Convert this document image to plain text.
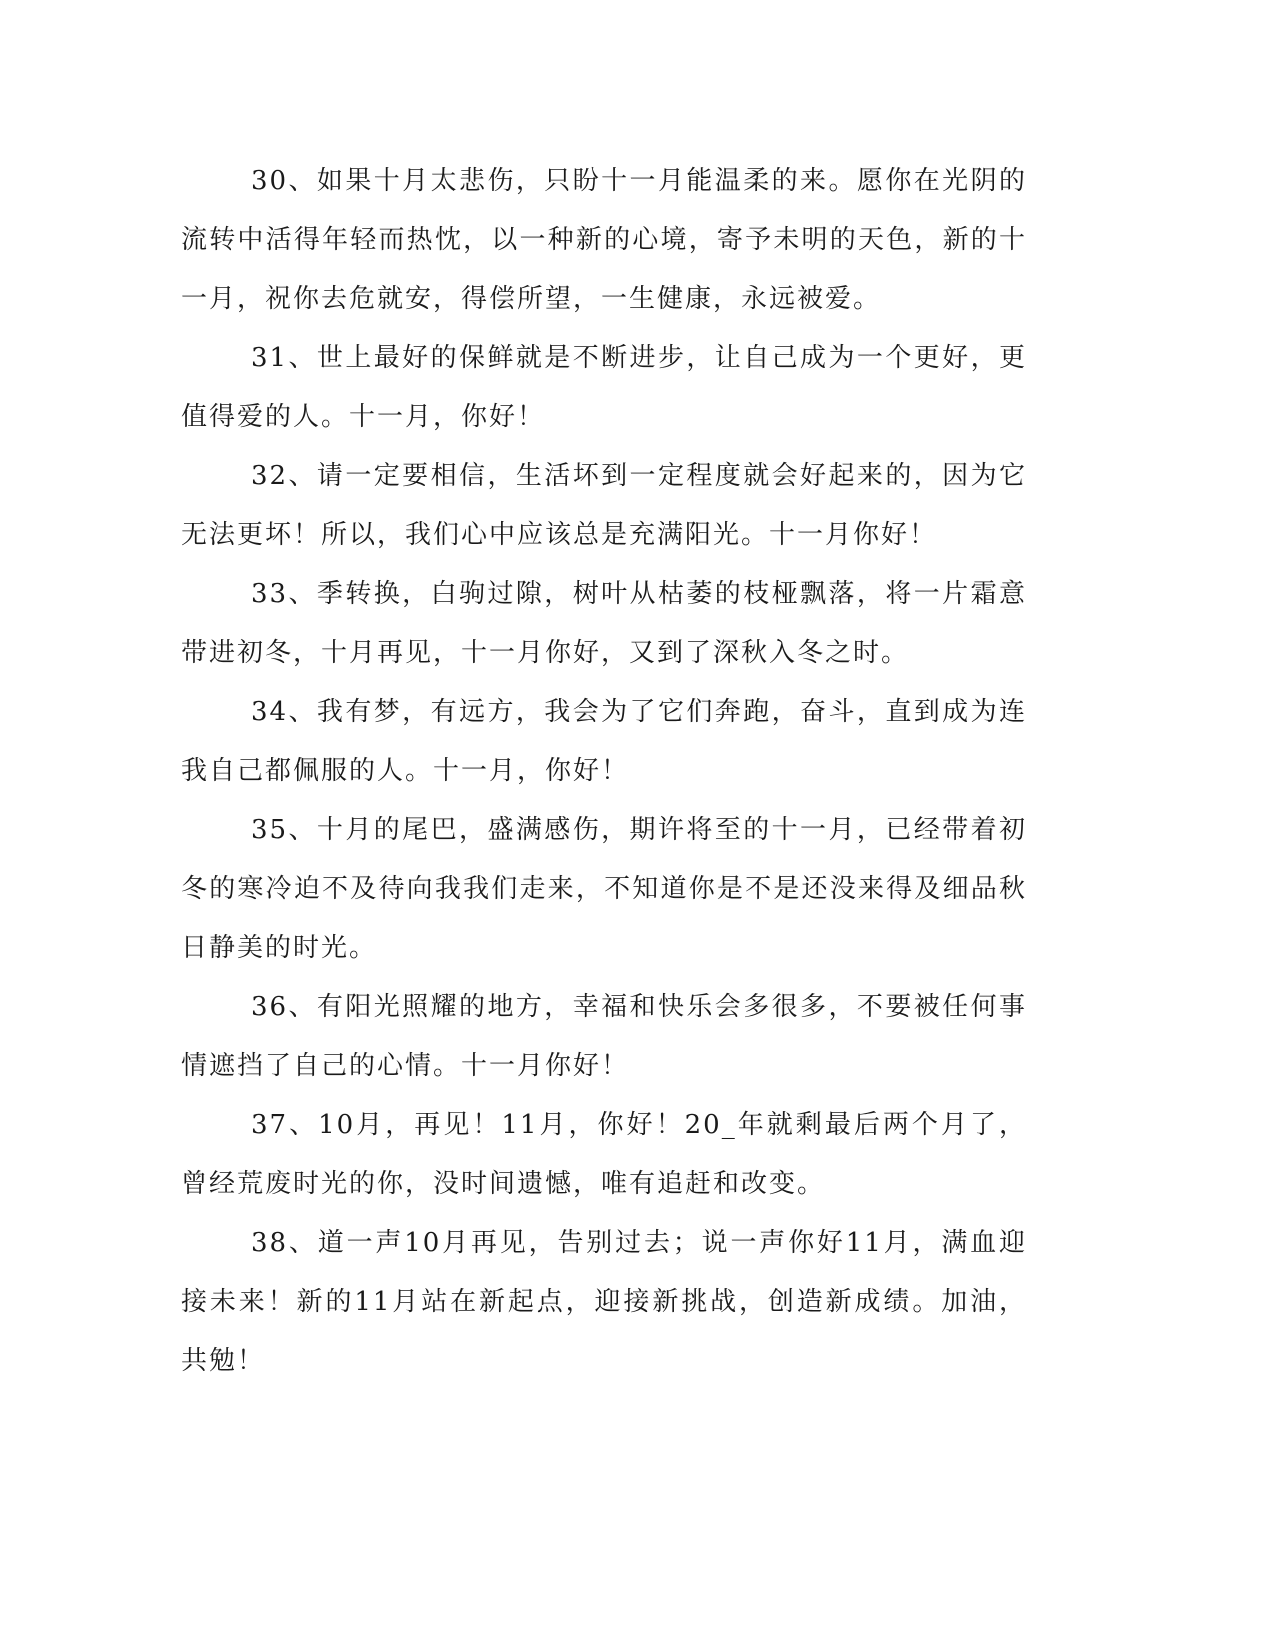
30、如果十月太悲伤，只盼十一月能温柔的来。愿你在光阴的流转中活得年轻而热忱，以一种新的心境，寄予未明的天色，新的十一月，祝你去危就安，得偿所望，一生健康，永远被爱。

31、世上最好的保鲜就是不断进步，让自己成为一个更好，更值得爱的人。十一月，你好！

32、请一定要相信，生活坏到一定程度就会好起来的，因为它无法更坏！所以，我们心中应该总是充满阳光。十一月你好！

33、季转换，白驹过隙，树叶从枯萎的枝桠飘落，将一片霜意带进初冬，十月再见，十一月你好，又到了深秋入冬之时。

34、我有梦，有远方，我会为了它们奔跑，奋斗，直到成为连我自己都佩服的人。十一月，你好！

35、十月的尾巴，盛满感伤，期许将至的十一月，已经带着初冬的寒冷迫不及待向我我们走来，不知道你是不是还没来得及细品秋日静美的时光。

36、有阳光照耀的地方，幸福和快乐会多很多，不要被任何事情遮挡了自己的心情。十一月你好！

37、10月，再见！11月，你好！20_年就剩最后两个月了，曾经荒废时光的你，没时间遗憾，唯有追赶和改变。

38、道一声10月再见，告别过去；说一声你好11月，满血迎接未来！新的11月站在新起点，迎接新挑战，创造新成绩。加油，共勉！
